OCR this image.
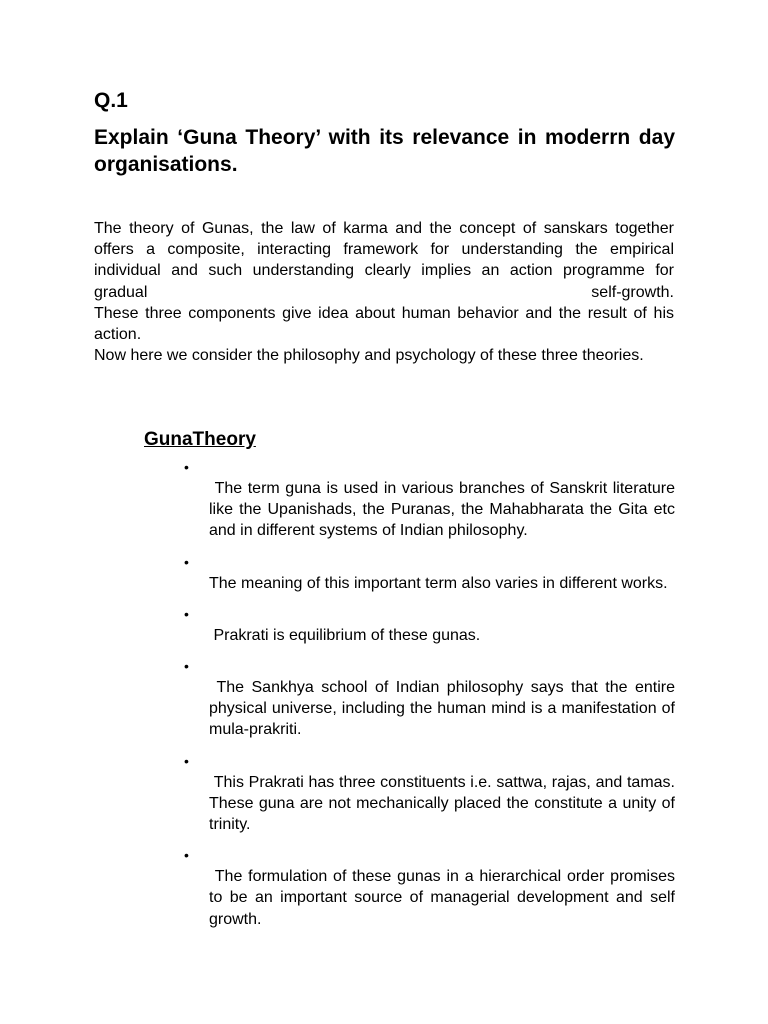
Q.1
Explain ‘Guna Theory’ with its relevance in moderrn day organisations.
The theory of Gunas, the law of karma and the concept of sanskars together offers a composite, interacting framework for understanding the empirical individual and such understanding clearly implies an action programme for gradual self-growth.
These three components give idea about human behavior and the result of his action.
Now here we consider the philosophy and psychology of these three theories.
GunaTheory
•
The term guna is used in various branches of Sanskrit literature like the Upanishads, the Puranas, the Mahabharata the Gita etc and in different systems of Indian philosophy.
•
The meaning of this important term also varies in different works.
•
Prakrati is equilibrium of these gunas.
•
The Sankhya school of Indian philosophy says that the entire physical universe, including the human mind is a manifestation of mula-prakriti.
•
This Prakrati has three constituents i.e. sattwa, rajas, and tamas. These guna are not mechanically placed the constitute a unity of trinity.
•
The formulation of these gunas in a hierarchical order promises to be an important source of managerial development and self growth.
